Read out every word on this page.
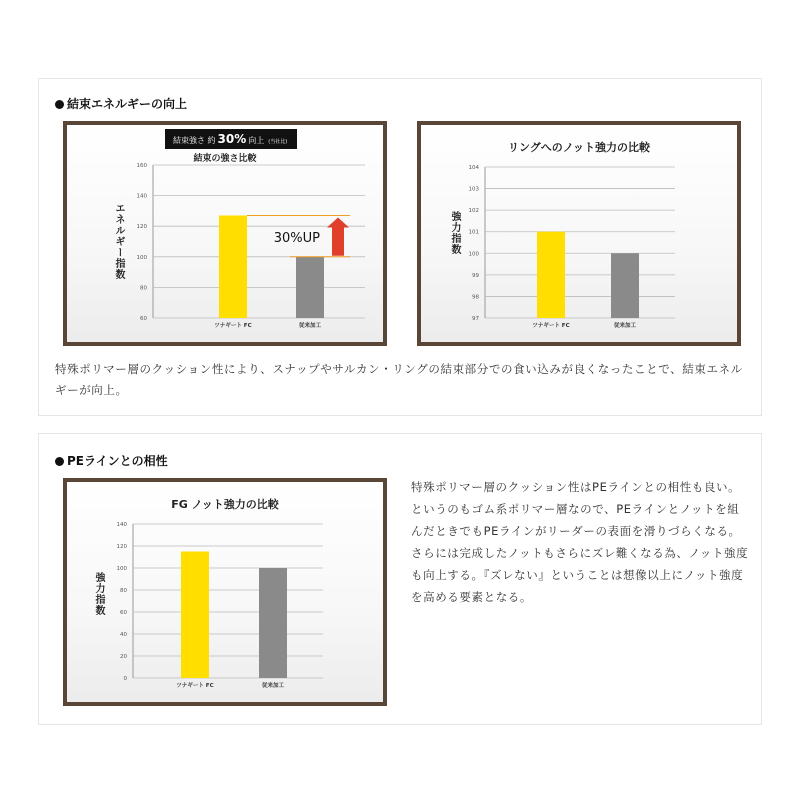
結束エネルギーの向上
結束強さ 約 30% 向上 (当社比)
結束の強さ比較
エネルギー指数
60
80
100
120
140
160
ツナギート FC	従来加工
30%UP
リングへのノット強力の比較
強力指数
97
98
99
100
101
102
103
104
ツナギート FC	従来加工
特殊ポリマー層のクッション性により、スナップやサルカン・リングの結束部分での食い込みが良くなったことで、結束エネルギーが向上。
PEラインとの相性
FG ノット強力の比較
強力指数
0
20
40
60
80
100
120
140
ツナギート FC	従来加工
特殊ポリマー層のクッション性はPEラインとの相性も良い。というのもゴム系ポリマー層なので、PEラインとノットを組んだときでもPEラインがリーダーの表面を滑りづらくなる。さらには完成したノットもさらにズレ難くなる為、ノット強度も向上する。『ズレない』ということは想像以上にノット強度を高める要素となる。
